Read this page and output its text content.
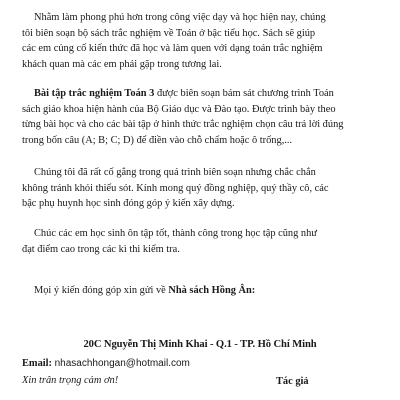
Nhằm làm phong phú hơn trong công việc dạy và học hiện nay, chúng
tôi biên soạn bộ sách trắc nghiệm về Toán ở bậc tiểu học. Sách sẽ giúp
các em củng cố kiến thức đã học và làm quen với dạng toán trắc nghiệm
khách quan mà các em phải gặp trong tương lai.

Bài tập trắc nghiệm Toán 3 được biên soạn bám sát chương trình Toán
sách giáo khoa hiện hành của Bộ Giáo dục và Đào tạo. Được trình bày theo
từng bài học và cho các bài tập ở hình thức trắc nghiệm chọn câu trả lời đúng
trong bốn câu (A; B; C; D) để điền vào chỗ chấm hoặc ô trống,...

Chúng tôi đã rất cố gắng trong quá trình biên soạn nhưng chắc chắn
không tránh khỏi thiếu sót. Kính mong quý đồng nghiệp, quý thầy cô, các
bậc phụ huynh học sinh đóng góp ý kiến xây dựng.

Chúc các em học sinh ôn tập tốt, thành công trong học tập cũng như
đạt điểm cao trong các kì thi kiểm tra.

Mọi ý kiến đóng góp xin gửi về Nhà sách Hồng Ân:

20C Nguyễn Thị Minh Khai - Q.1 - TP. Hồ Chí Minh
Email: nhasachhongan@hotmail.com
Xin trân trọng cảm ơn!	Tác giả
